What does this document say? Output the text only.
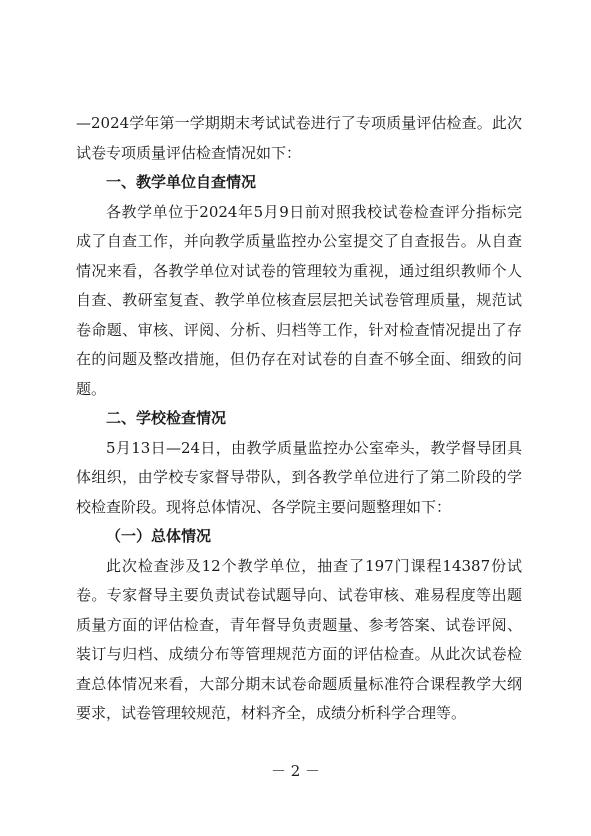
—2024学年第一学期期末考试试卷进行了专项质量评估检查。此次试卷专项质量评估检查情况如下：

一、教学单位自查情况

各教学单位于2024年5月9日前对照我校试卷检查评分指标完成了自查工作，并向教学质量监控办公室提交了自查报告。从自查情况来看，各教学单位对试卷的管理较为重视，通过组织教师个人自查、教研室复查、教学单位核查层层把关试卷管理质量，规范试卷命题、审核、评阅、分析、归档等工作，针对检查情况提出了存在的问题及整改措施，但仍存在对试卷的自查不够全面、细致的问题。

二、学校检查情况

5月13日—24日，由教学质量监控办公室牵头，教学督导团具体组织，由学校专家督导带队，到各教学单位进行了第二阶段的学校检查阶段。现将总体情况、各学院主要问题整理如下：

（一）总体情况

此次检查涉及12个教学单位，抽查了197门课程14387份试卷。专家督导主要负责试卷试题导向、试卷审核、难易程度等出题质量方面的评估检查，青年督导负责题量、参考答案、试卷评阅、装订与归档、成绩分布等管理规范方面的评估检查。从此次试卷检查总体情况来看，大部分期末试卷命题质量标准符合课程教学大纲要求，试卷管理较规范，材料齐全，成绩分析科学合理等。

－ 2 －
